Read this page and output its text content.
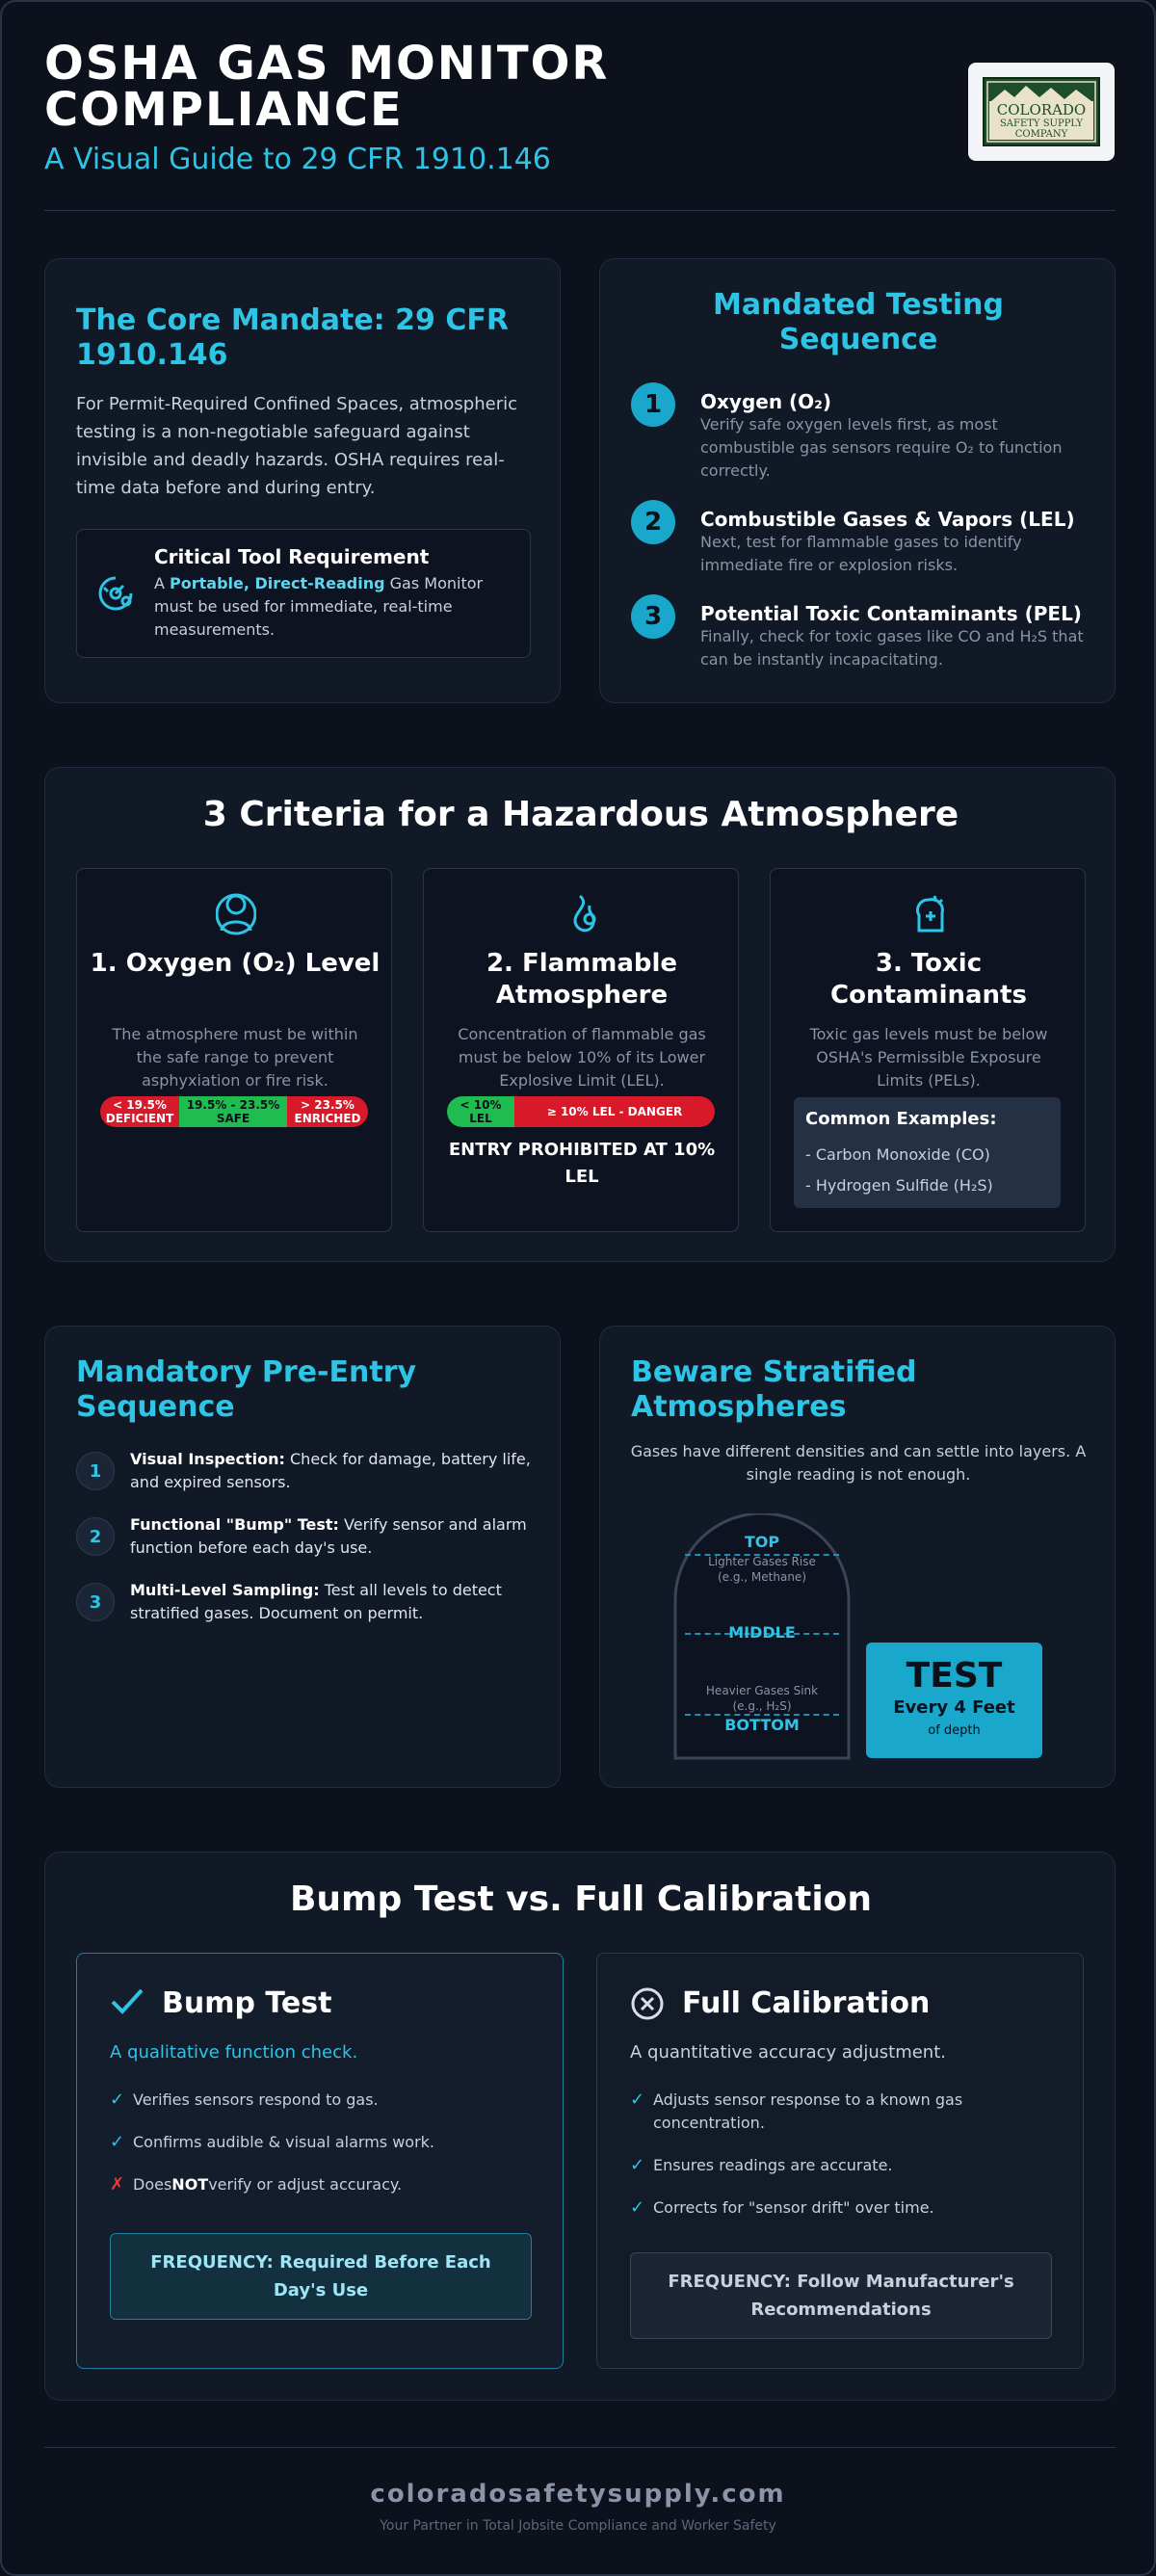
OSHA GAS MONITOR COMPLIANCE
A Visual Guide to 29 CFR 1910.146
COLORADO
SAFETY SUPPLY
COMPANY
The Core Mandate: 29 CFR 1910.146
For Permit-Required Confined Spaces, atmospheric testing is a non-negotiable safeguard against invisible and deadly hazards. OSHA requires real-time data before and during entry.
Critical Tool Requirement
A Portable, Direct-Reading Gas Monitor must be used for immediate, real-time measurements.
Mandated Testing Sequence
1	Oxygen (O₂)
Verify safe oxygen levels first, as most combustible gas sensors require O₂ to function correctly.
2	Combustible Gases & Vapors (LEL)
Next, test for flammable gases to identify immediate fire or explosion risks.
3	Potential Toxic Contaminants (PEL)
Finally, check for toxic gases like CO and H₂S that can be instantly incapacitating.
3 Criteria for a Hazardous Atmosphere
1. Oxygen (O₂) Level
The atmosphere must be within the safe range to prevent asphyxiation or fire risk.
< 19.5%
DEFICIENT
19.5% - 23.5%
SAFE
> 23.5%
ENRICHED
2. Flammable Atmosphere
Concentration of flammable gas must be below 10% of its Lower Explosive Limit (LEL).
< 10%
LEL	≥ 10% LEL - DANGER
ENTRY PROHIBITED AT 10% LEL
3. Toxic Contaminants
Toxic gas levels must be below OSHA's Permissible Exposure Limits (PELs).
Common Examples:
- Carbon Monoxide (CO)
- Hydrogen Sulfide (H₂S)
Mandatory Pre-Entry Sequence
1
Visual Inspection: Check for damage, battery life, and expired sensors.
2
Functional "Bump" Test: Verify sensor and alarm function before each day's use.
3
Multi-Level Sampling: Test all levels to detect stratified gases. Document on permit.
Beware Stratified Atmospheres
Gases have different densities and can settle into layers. A single reading is not enough.
TOP
Lighter Gases Rise
(e.g., Methane)
MIDDLE
Heavier Gases Sink
(e.g., H₂S)
BOTTOM
TEST
Every 4 Feet
of depth
Bump Test vs. Full Calibration
Bump Test
A qualitative function check.
✓ Verifies sensors respond to gas.
✓ Confirms audible & visual alarms work.
✗ DoesNOTverify or adjust accuracy.
FREQUENCY: Required Before Each Day's Use
Full Calibration
A quantitative accuracy adjustment.
✓ Adjusts sensor response to a known gas concentration.
✓ Ensures readings are accurate.
✓ Corrects for "sensor drift" over time.
FREQUENCY: Follow Manufacturer's Recommendations
coloradosafetysupply.com
Your Partner in Total Jobsite Compliance and Worker Safety
